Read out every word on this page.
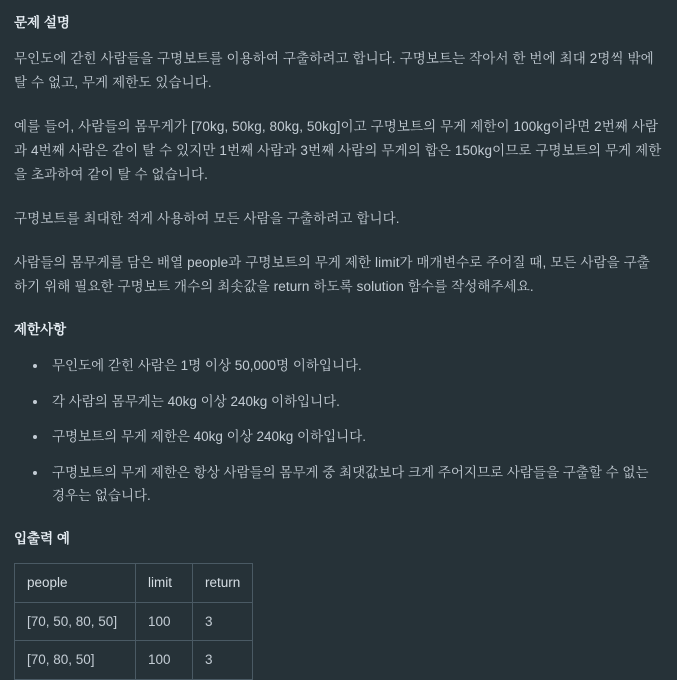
문제 설명

무인도에 갇힌 사람들을 구명보트를 이용하여 구출하려고 합니다. 구명보트는 작아서 한 번에 최대 2명씩 밖에 탈 수 없고, 무게 제한도 있습니다.

예를 들어, 사람들의 몸무게가 [70kg, 50kg, 80kg, 50kg]이고 구명보트의 무게 제한이 100kg이라면 2번째 사람과 4번째 사람은 같이 탈 수 있지만 1번째 사람과 3번째 사람의 무게의 합은 150kg이므로 구명보트의 무게 제한을 초과하여 같이 탈 수 없습니다.

구명보트를 최대한 적게 사용하여 모든 사람을 구출하려고 합니다.

사람들의 몸무게를 담은 배열 people과 구명보트의 무게 제한 limit가 매개변수로 주어질 때, 모든 사람을 구출하기 위해 필요한 구명보트 개수의 최솟값을 return 하도록 solution 함수를 작성해주세요.

제한사항
• 무인도에 갇힌 사람은 1명 이상 50,000명 이하입니다.
• 각 사람의 몸무게는 40kg 이상 240kg 이하입니다.
• 구명보트의 무게 제한은 40kg 이상 240kg 이하입니다.
• 구명보트의 무게 제한은 항상 사람들의 몸무게 중 최댓값보다 크게 주어지므로 사람들을 구출할 수 없는 경우는 없습니다.
입출력 예
people	limit	return
[70, 50, 80, 50]	100	3
[70, 80, 50]	100	3
